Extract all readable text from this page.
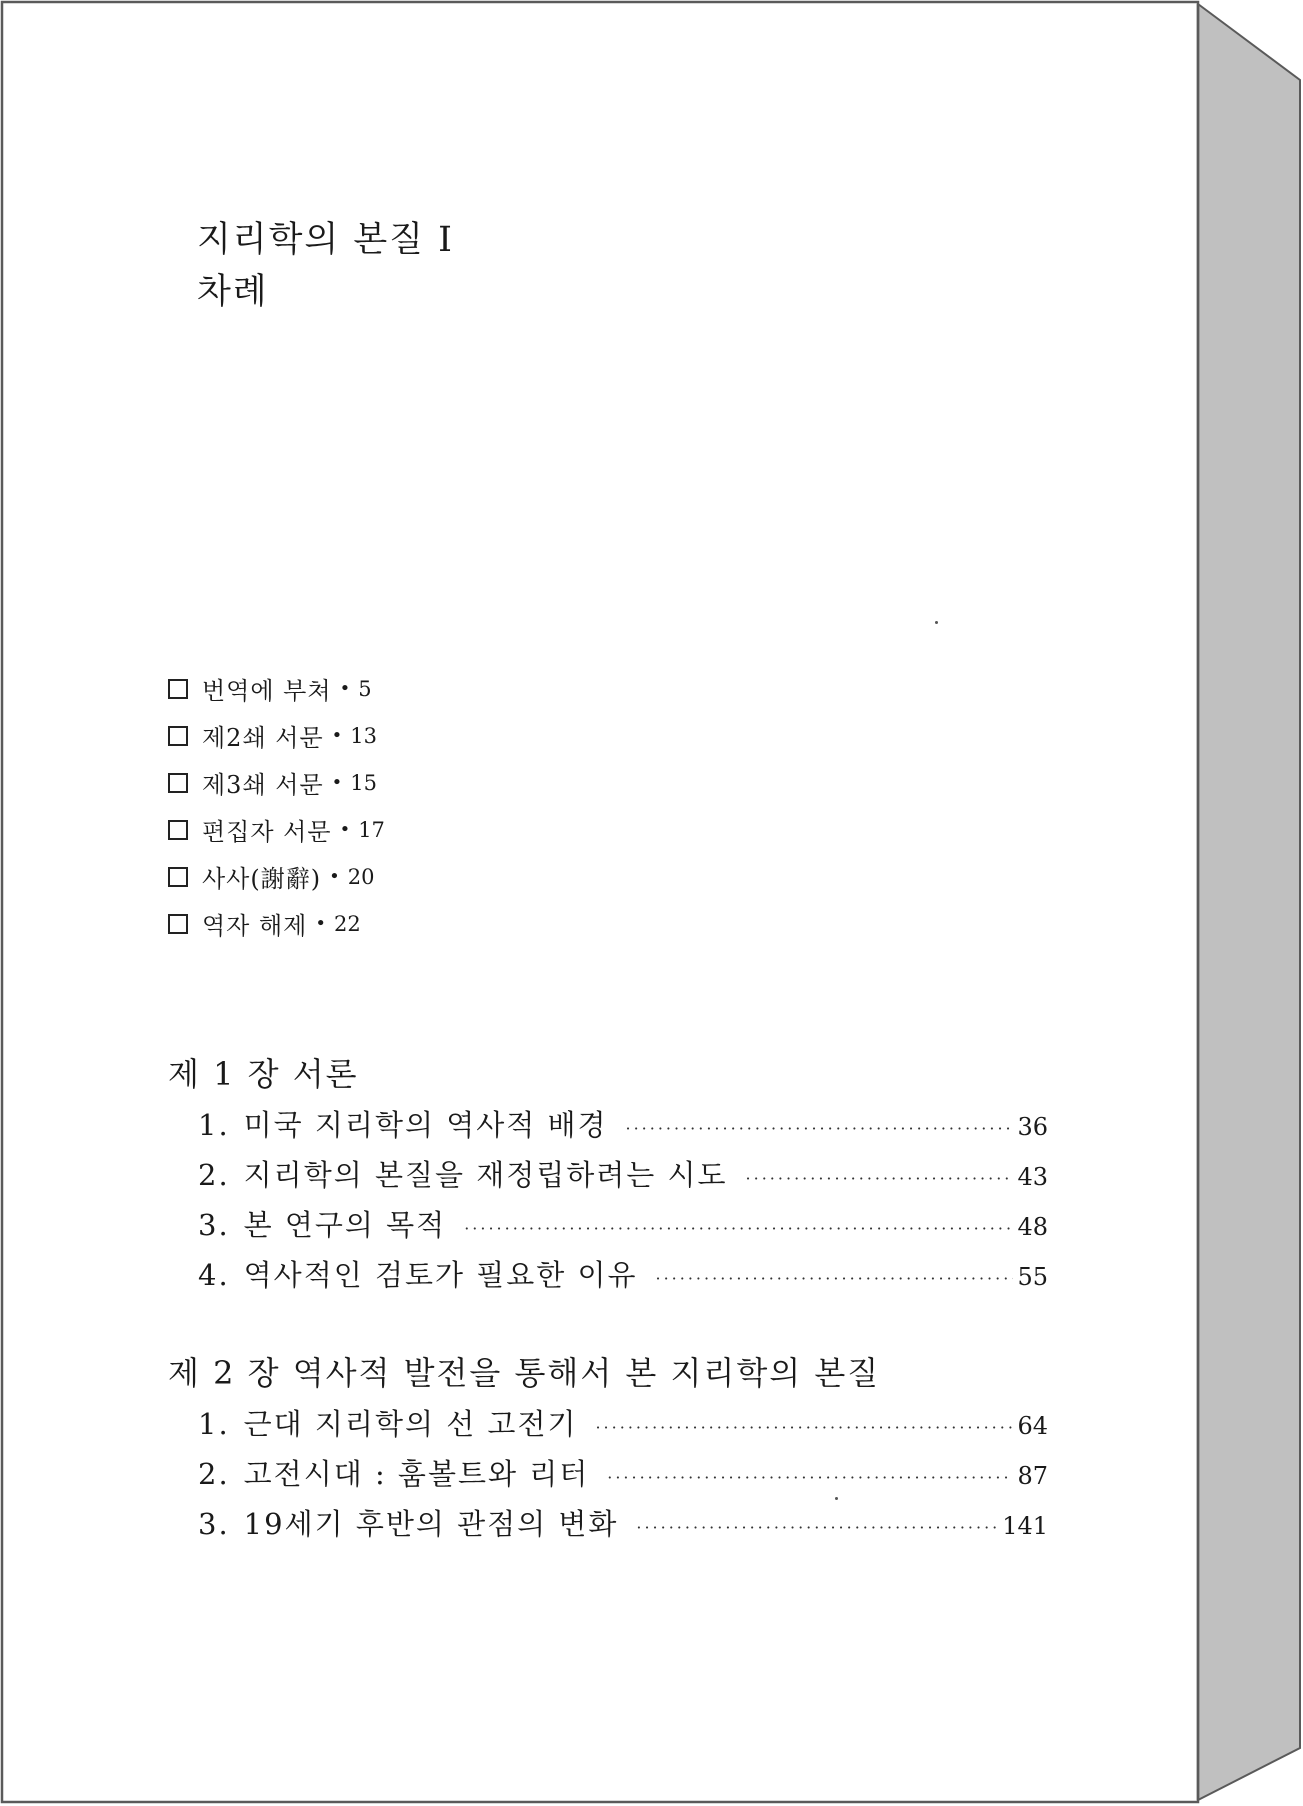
지리학의 본질 Ⅰ
차례
번역에 부쳐 • 5
제2쇄 서문 • 13
제3쇄 서문 • 15
편집자 서문 • 17
사사(謝辭) • 20
역자 해제 • 22
제 1 장 서론
1. 미국 지리학의 역사적 배경 ·····	36
2. 지리학의 본질을 재정립하려는 시도 ·····	43
3. 본 연구의 목적 ·····	48
4. 역사적인 검토가 필요한 이유 ·····	55
제 2 장 역사적 발전을 통해서 본 지리학의 본질
1. 근대 지리학의 선 고전기 ·····	64
2. 고전시대 : 훔볼트와 리터 ·····	87
3. 19세기 후반의 관점의 변화 ·····	141
